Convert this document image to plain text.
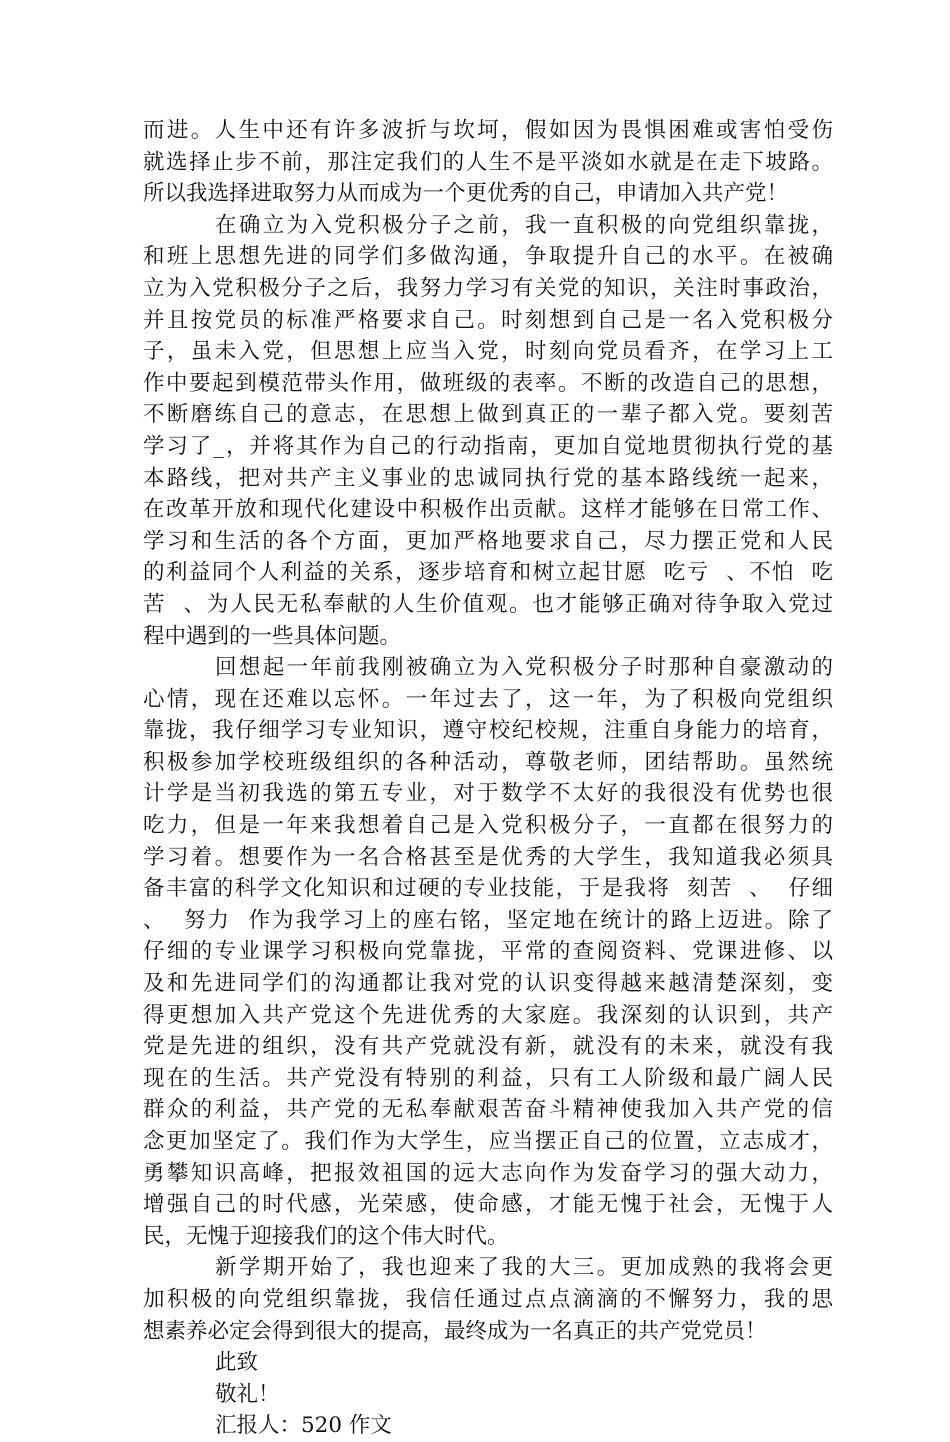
而进。人生中还有许多波折与坎坷，假如因为畏惧困难或害怕受伤
就选择止步不前，那注定我们的人生不是平淡如水就是在走下坡路。
所以我选择进取努力从而成为一个更优秀的自己，申请加入共产党！
在确立为入党积极分子之前，我一直积极的向党组织靠拢，
和班上思想先进的同学们多做沟通，争取提升自己的水平。在被确
立为入党积极分子之后，我努力学习有关党的知识，关注时事政治，
并且按党员的标准严格要求自己。时刻想到自己是一名入党积极分
子，虽未入党，但思想上应当入党，时刻向党员看齐，在学习上工
作中要起到模范带头作用，做班级的表率。不断的改造自己的思想，
不断磨练自己的意志，在思想上做到真正的一辈子都入党。要刻苦
学习了_，并将其作为自己的行动指南，更加自觉地贯彻执行党的基
本路线，把对共产主义事业的忠诚同执行党的基本路线统一起来，
在改革开放和现代化建设中积极作出贡献。这样才能够在日常工作、
学习和生活的各个方面，更加严格地要求自己，尽力摆正党和人民
的利益同个人利益的关系，逐步培育和树立起甘愿  吃亏  、不怕  吃
苦  、为人民无私奉献的人生价值观。也才能够正确对待争取入党过
程中遇到的一些具体问题。
回想起一年前我刚被确立为入党积极分子时那种自豪激动的
心情，现在还难以忘怀。一年过去了，这一年，为了积极向党组织
靠拢，我仔细学习专业知识，遵守校纪校规，注重自身能力的培育，
积极参加学校班级组织的各种活动，尊敬老师，团结帮助。虽然统
计学是当初我选的第五专业，对于数学不太好的我很没有优势也很
吃力，但是一年来我想着自己是入党积极分子，一直都在很努力的
学习着。想要作为一名合格甚至是优秀的大学生，我知道我必须具
备丰富的科学文化知识和过硬的专业技能，于是我将  刻苦  、  仔细
、  努力  作为我学习上的座右铭，坚定地在统计的路上迈进。除了
仔细的专业课学习积极向党靠拢，平常的查阅资料、党课进修、以
及和先进同学们的沟通都让我对党的认识变得越来越清楚深刻，变
得更想加入共产党这个先进优秀的大家庭。我深刻的认识到，共产
党是先进的组织，没有共产党就没有新，就没有的未来，就没有我
现在的生活。共产党没有特别的利益，只有工人阶级和最广阔人民
群众的利益，共产党的无私奉献艰苦奋斗精神使我加入共产党的信
念更加坚定了。我们作为大学生，应当摆正自己的位置，立志成才，
勇攀知识高峰，把报效祖国的远大志向作为发奋学习的强大动力，
增强自己的时代感，光荣感，使命感，才能无愧于社会，无愧于人
民，无愧于迎接我们的这个伟大时代。
新学期开始了，我也迎来了我的大三。更加成熟的我将会更
加积极的向党组织靠拢，我信任通过点点滴滴的不懈努力，我的思
想素养必定会得到很大的提高，最终成为一名真正的共产党党员！
此致
敬礼！
汇报人：520 作文
